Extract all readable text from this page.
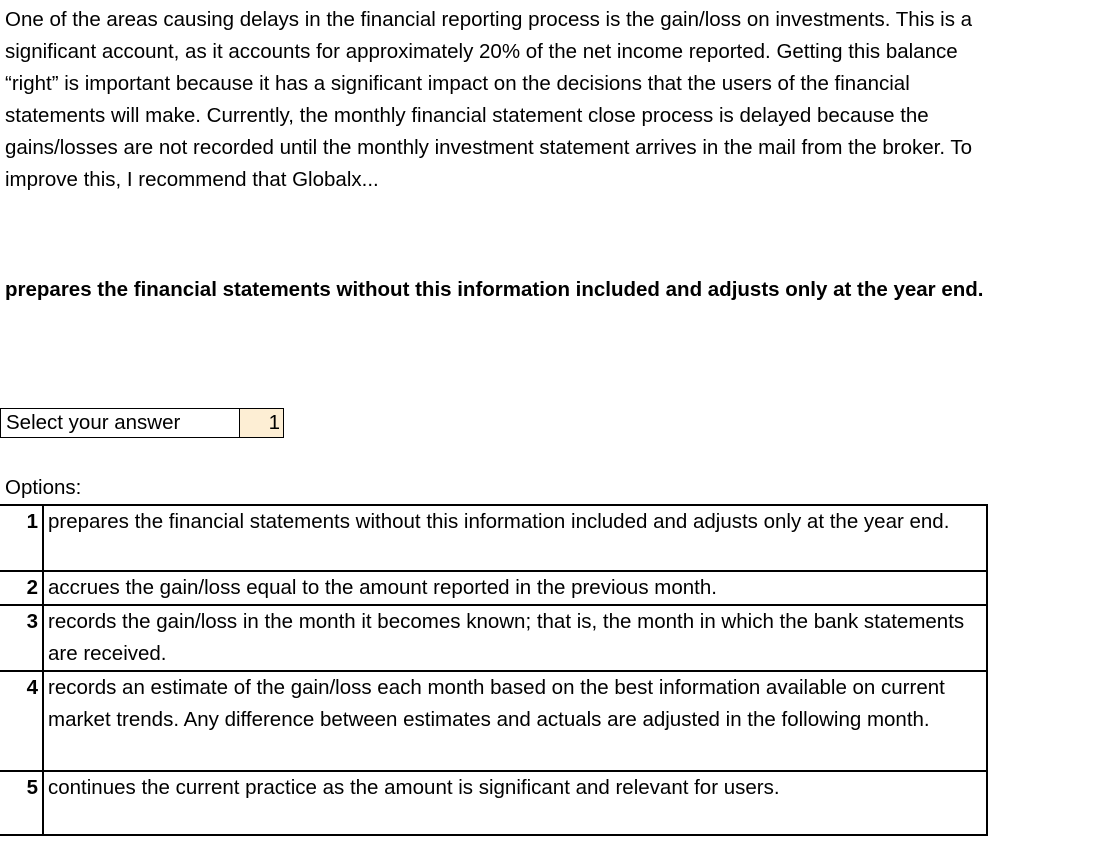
One of the areas causing delays in the financial reporting process is the gain/loss on investments. This is a significant account, as it accounts for approximately 20% of the net income reported. Getting this balance “right” is important because it has a significant impact on the decisions that the users of the financial statements will make. Currently, the monthly financial statement close process is delayed because the gains/losses are not recorded until the monthly investment statement arrives in the mail from the broker. To improve this, I recommend that Globalx...

prepares the financial statements without this information included and adjusts only at the year end.

Select your answer	1
Options:
1	prepares the financial statements without this information included and adjusts only at the year end.
2	accrues the gain/loss equal to the amount reported in the previous month.
3	records the gain/loss in the month it becomes known; that is, the month in which the bank statements are received.
4	records an estimate of the gain/loss each month based on the best information available on current market trends. Any difference between estimates and actuals are adjusted in the following month.
5	continues the current practice as the amount is significant and relevant for users.
